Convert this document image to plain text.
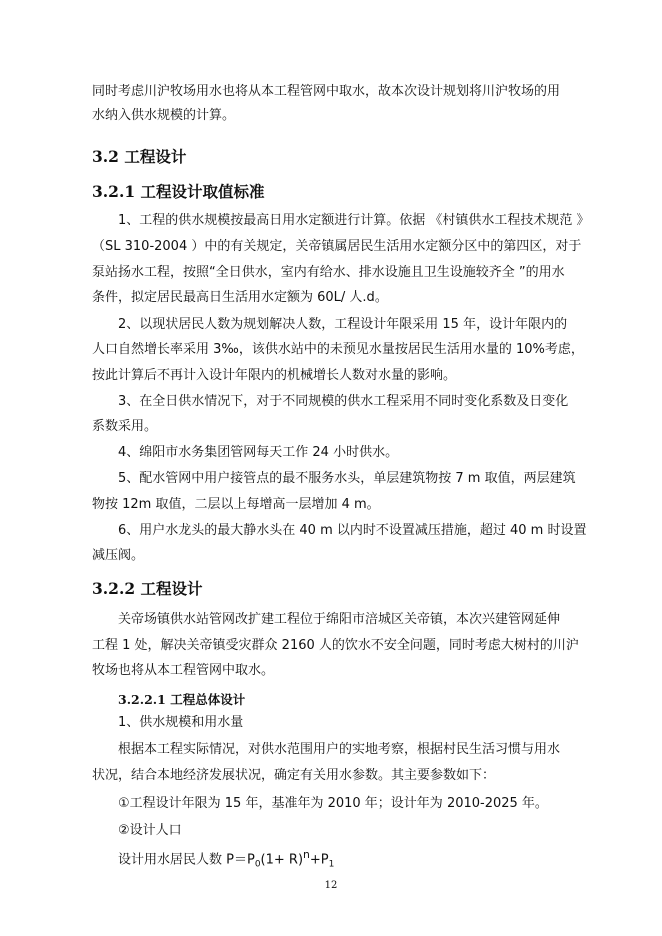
同时考虑川沪牧场用水也将从本工程管网中取水，故本次设计规划将川沪牧场的用
水纳入供水规模的计算。
3.2 工程设计
3.2.1 工程设计取值标准
1、工程的供水规模按最高日用水定额进行计算。依据 《村镇供水工程技术规范 》
（SL 310-2004 ）中的有关规定，关帝镇属居民生活用水定额分区中的第四区，对于
泵站扬水工程，按照“全日供水，室内有给水、排水设施且卫生设施较齐全 ”的用水
条件，拟定居民最高日生活用水定额为 60L/ 人.d。
2、以现状居民人数为规划解决人数，工程设计年限采用 15 年，设计年限内的
人口自然增长率采用 3‰，该供水站中的未预见水量按居民生活用水量的 10%考虑，
按此计算后不再计入设计年限内的机械增长人数对水量的影响。
3、在全日供水情况下，对于不同规模的供水工程采用不同时变化系数及日变化
系数采用。
4、绵阳市水务集团管网每天工作 24 小时供水。
5、配水管网中用户接管点的最不服务水头，单层建筑物按 7 m 取值，两层建筑
物按 12m 取值，二层以上每增高一层增加 4 m。
6、用户水龙头的最大静水头在 40 m 以内时不设置减压措施，超过 40 m 时设置
减压阀。
3.2.2 工程设计
关帝场镇供水站管网改扩建工程位于绵阳市涪城区关帝镇，本次兴建管网延伸
工程 1 处，解决关帝镇受灾群众 2160 人的饮水不安全问题，同时考虑大树村的川沪
牧场也将从本工程管网中取水。
3.2.2.1 工程总体设计
1、供水规模和用水量
根据本工程实际情况，对供水范围用户的实地考察，根据村民生活习惯与用水
状况，结合本地经济发展状况，确定有关用水参数。其主要参数如下：
①工程设计年限为 15 年，基准年为 2010 年；设计年为 2010-2025 年。
②设计人口
设计用水居民人数 $P=P_0(1+ R)^n+P_1$
12
